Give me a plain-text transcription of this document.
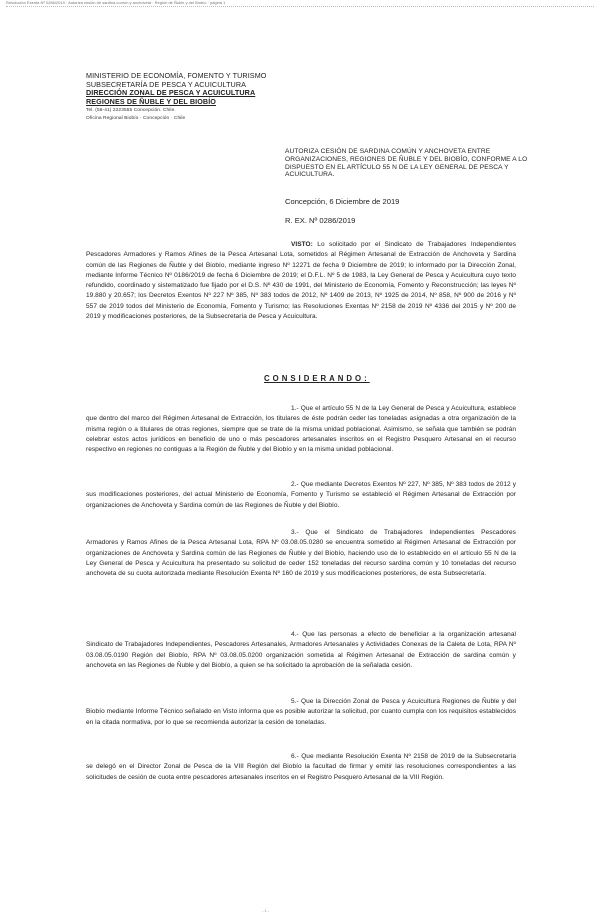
Resolución Exenta Nº 0286/2019 · Autoriza cesión de sardina común y anchoveta · Región de Ñuble y del Biobío · página 1
MINISTERIO DE ECONOMÍA, FOMENTO Y TURISMO
SUBSECRETARÍA DE PESCA Y ACUICULTURA
DIRECCIÓN ZONAL DE PESCA Y ACUICULTURA
REGIONES DE ÑUBLE Y DEL BIOBÍO
Tel. (56-41) 2223555 Concepción. Chile.
Oficina Regional Biobío · Concepción · Chile
AUTORIZA CESIÓN DE SARDINA COMÚN Y ANCHOVETA ENTRE ORGANIZACIONES, REGIONES DE ÑUBLE Y DEL BIOBÍO, CONFORME A LO DISPUESTO EN EL ARTÍCULO 55 N DE LA LEY GENERAL DE PESCA Y ACUICULTURA.
Concepción, 6 Diciembre de 2019
R. EX. Nº 0286/2019
VISTO: Lo solicitado por el Sindicato de Trabajadores Independientes Pescadores Armadores y Ramos Afines de la Pesca Artesanal Lota, sometidos al Régimen Artesanal de Extracción de Anchoveta y Sardina común de las Regiones de Ñuble y del Biobío, mediante ingreso Nº 12271 de fecha 9 Diciembre de 2019; lo informado por la Dirección Zonal, mediante Informe Técnico Nº 0186/2019 de fecha 6 Diciembre de 2019; el D.F.L. Nº 5 de 1983, la Ley General de Pesca y Acuicultura cuyo texto refundido, coordinado y sistematizado fue fijado por el D.S. Nº 430 de 1991, del Ministerio de Economía, Fomento y Reconstrucción; las leyes Nº 19.880 y 20.657; los Decretos Exentos Nº 227 Nº 385, Nº 383 todos de 2012, Nº 1409 de 2013, Nº 1925 de 2014, Nº 858, Nº 900 de 2016 y Nº 557 de 2019 todos del Ministerio de Economía, Fomento y Turismo; las Resoluciones Exentas Nº 2158 de 2019 Nº 4336 del 2015 y Nº 200 de 2019 y modificaciones posteriores, de la Subsecretaría de Pesca y Acuicultura.
CONSIDERANDO:
1.- Que el artículo 55 N de la Ley General de Pesca y Acuicultura, establece que dentro del marco del Régimen Artesanal de Extracción, los titulares de éste podrán ceder las toneladas asignadas a otra organización de la misma región o a titulares de otras regiones, siempre que se trate de la misma unidad poblacional. Asimismo, se señala que también se podrán celebrar estos actos jurídicos en beneficio de uno o más pescadores artesanales inscritos en el Registro Pesquero Artesanal en el recurso respectivo en regiones no contiguas a la Región de Ñuble y del Biobío y en la misma unidad poblacional.
2.- Que mediante Decretos Exentos Nº 227, Nº 385, Nº 383 todos de 2012 y sus modificaciones posteriores, del actual Ministerio de Economía, Fomento y Turismo se estableció el Régimen Artesanal de Extracción por organizaciones de Anchoveta y Sardina común de las Regiones de Ñuble y del Biobío.
3.- Que el Sindicato de Trabajadores Independientes Pescadores Armadores y Ramos Afines de la Pesca Artesanal Lota, RPA Nº 03.08.05.0280 se encuentra sometido al Régimen Artesanal de Extracción por organizaciones de Anchoveta y Sardina común de las Regiones de Ñuble y del Biobío, haciendo uso de lo establecido en el artículo 55 N de la Ley General de Pesca y Acuicultura ha presentado su solicitud de ceder 152 toneladas del recurso sardina común y 10 toneladas del recurso anchoveta de su cuota autorizada mediante Resolución Exenta Nº 160 de 2019 y sus modificaciones posteriores, de esta Subsecretaría.
4.- Que las personas a efecto de beneficiar a la organización artesanal Sindicato de Trabajadores Independientes, Pescadores Artesanales, Armadores Artesanales y Actividades Conexas de la Caleta de Lota, RPA Nº 03.08.05.0190 Región del Biobío, RPA Nº 03.08.05.0200 organización sometida al Régimen Artesanal de Extracción de sardina común y anchoveta en las Regiones de Ñuble y del Biobío, a quien se ha solicitado la aprobación de la señalada cesión.
5.- Que la Dirección Zonal de Pesca y Acuicultura Regiones de Ñuble y del Biobío mediante Informe Técnico señalado en Visto informa que es posible autorizar la solicitud, por cuanto cumpla con los requisitos establecidos en la citada normativa, por lo que se recomienda autorizar la cesión de toneladas.
6.- Que mediante Resolución Exenta Nº 2158 de 2019 de la Subsecretaría se delegó en el Director Zonal de Pesca de la VIII Región del Biobío la facultad de firmar y emitir las resoluciones correspondientes a las solicitudes de cesión de cuota entre pescadores artesanales inscritos en el Registro Pesquero Artesanal de la VIII Región.
- 1 -
